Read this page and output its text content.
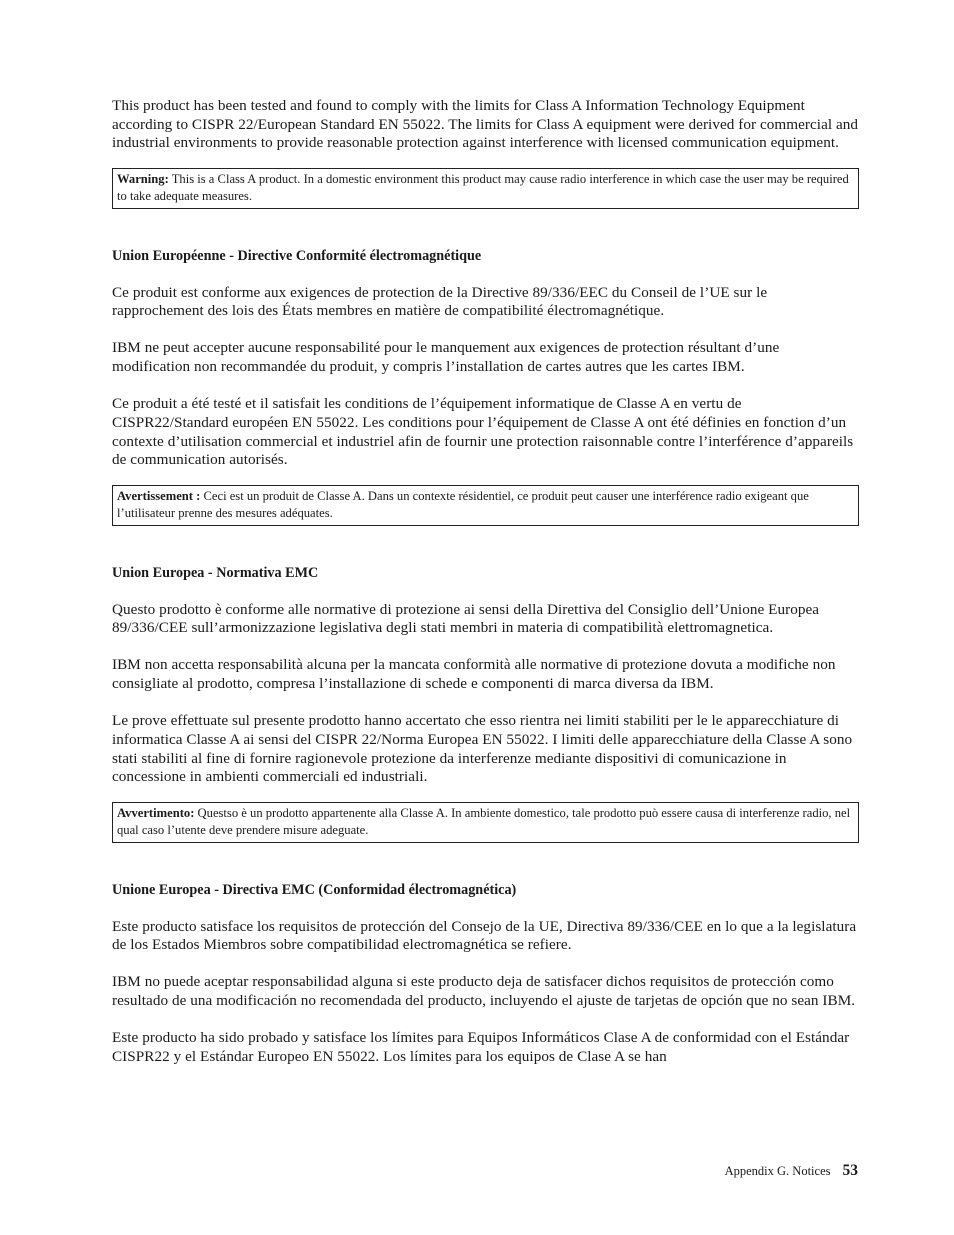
This product has been tested and found to comply with the limits for Class A Information Technology Equipment according to CISPR 22/European Standard EN 55022. The limits for Class A equipment were derived for commercial and industrial environments to provide reasonable protection against interference with licensed communication equipment.

Warning: This is a Class A product. In a domestic environment this product may cause radio interference in which case the user may be required to take adequate measures.
Union Européenne - Directive Conformité électromagnétique

Ce produit est conforme aux exigences de protection de la Directive 89/336/EEC du Conseil de l’UE sur le rapprochement des lois des États membres en matière de compatibilité électromagnétique.

IBM ne peut accepter aucune responsabilité pour le manquement aux exigences de protection résultant d’une modification non recommandée du produit, y compris l’installation de cartes autres que les cartes IBM.

Ce produit a été testé et il satisfait les conditions de l’équipement informatique de Classe A en vertu de CISPR22/Standard européen EN 55022. Les conditions pour l’équipement de Classe A ont été définies en fonction d’un contexte d’utilisation commercial et industriel afin de fournir une protection raisonnable contre l’interférence d’appareils de communication autorisés.

Avertissement : Ceci est un produit de Classe A. Dans un contexte résidentiel, ce produit peut causer une interférence radio exigeant que l’utilisateur prenne des mesures adéquates.
Union Europea - Normativa EMC

Questo prodotto è conforme alle normative di protezione ai sensi della Direttiva del Consiglio dell’Unione Europea 89/336/CEE sull’armonizzazione legislativa degli stati membri in materia di compatibilità elettromagnetica.

IBM non accetta responsabilità alcuna per la mancata conformità alle normative di protezione dovuta a modifiche non consigliate al prodotto, compresa l’installazione di schede e componenti di marca diversa da IBM.

Le prove effettuate sul presente prodotto hanno accertato che esso rientra nei limiti stabiliti per le le apparecchiature di informatica Classe A ai sensi del CISPR 22/Norma Europea EN 55022. I limiti delle apparecchiature della Classe A sono stati stabiliti al fine di fornire ragionevole protezione da interferenze mediante dispositivi di comunicazione in concessione in ambienti commerciali ed industriali.

Avvertimento: Questso è un prodotto appartenente alla Classe A. In ambiente domestico, tale prodotto può essere causa di interferenze radio, nel qual caso l’utente deve prendere misure adeguate.
Unione Europea - Directiva EMC (Conformidad électromagnética)

Este producto satisface los requisitos de protección del Consejo de la UE, Directiva 89/336/CEE en lo que a la legislatura de los Estados Miembros sobre compatibilidad electromagnética se refiere.

IBM no puede aceptar responsabilidad alguna si este producto deja de satisfacer dichos requisitos de protección como resultado de una modificación no recomendada del producto, incluyendo el ajuste de tarjetas de opción que no sean IBM.

Este producto ha sido probado y satisface los límites para Equipos Informáticos Clase A de conformidad con el Estándar CISPR22 y el Estándar Europeo EN 55022. Los límites para los equipos de Clase A se han

Appendix G. Notices 53
